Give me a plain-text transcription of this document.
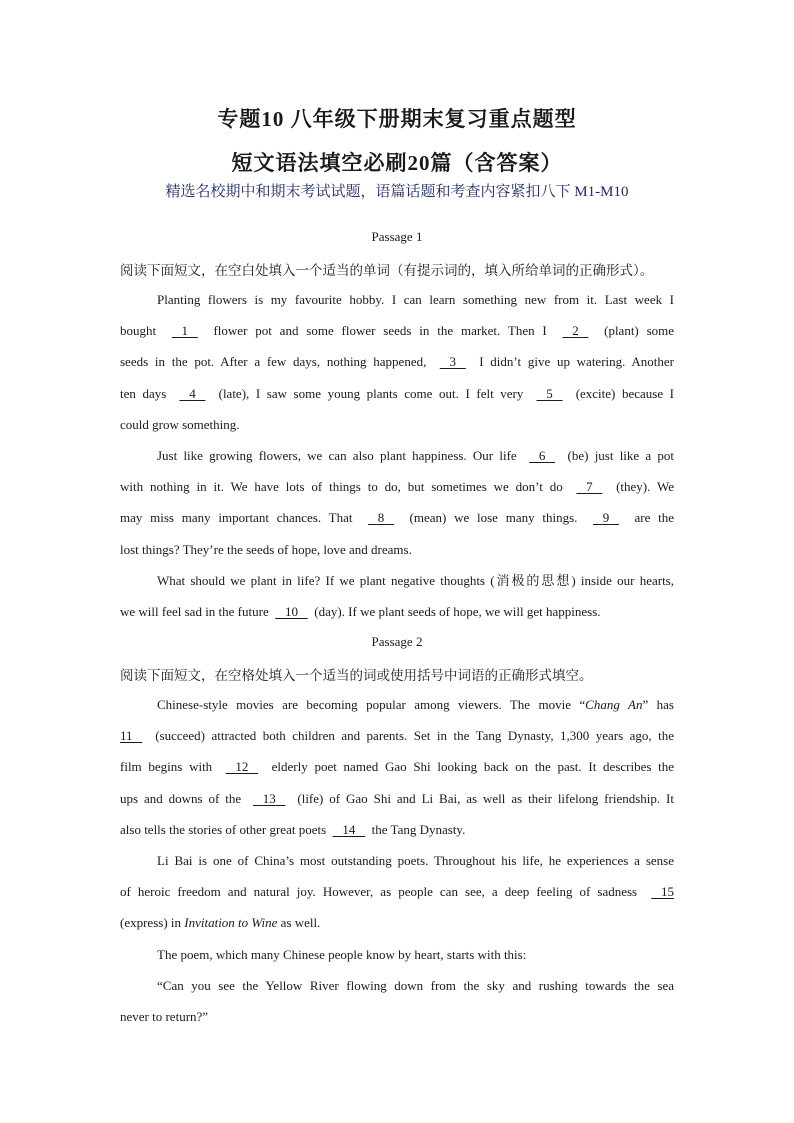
专题10 八年级下册期末复习重点题型
短文语法填空必刷20篇（含答案）
精选名校期中和期末考试试题，语篇话题和考查内容紧扣八下 M1-M10
Passage 1
阅读下面短文，在空白处填入一个适当的单词（有提示词的，填入所给单词的正确形式）。
Planting flowers is my favourite hobby. I can learn something new from it. Last week I
bought 1 flower pot and some flower seeds in the market. Then I 2 (plant) some
seeds in the pot. After a few days, nothing happened, 3 I didn’t give up watering. Another
ten days 4 (late), I saw some young plants come out. I felt very 5 (excite) because I
could grow something.
Just like growing flowers, we can also plant happiness. Our life 6 (be) just like a pot
with nothing in it. We have lots of things to do, but sometimes we don’t do 7 (they). We
may miss many important chances. That 8 (mean) we lose many things. 9 are the
lost things? They’re the seeds of hope, love and dreams.
What should we plant in life? If we plant negative thoughts (消极的思想) inside our hearts,
we will feel sad in the future 10 (day). If we plant seeds of hope, we will get happiness.
Passage 2
阅读下面短文，在空格处填入一个适当的词或使用括号中词语的正确形式填空。
Chinese-style movies are becoming popular among viewers. The movie “Chang An” has
11 (succeed) attracted both children and parents. Set in the Tang Dynasty, 1,300 years ago, the
film begins with 12 elderly poet named Gao Shi looking back on the past. It describes the
ups and downs of the 13 (life) of Gao Shi and Li Bai, as well as their lifelong friendship. It
also tells the stories of other great poets 14 the Tang Dynasty.
Li Bai is one of China’s most outstanding poets. Throughout his life, he experiences a sense
of heroic freedom and natural joy. However, as people can see, a deep feeling of sadness 15
(express) in Invitation to Wine as well.
The poem, which many Chinese people know by heart, starts with this:
“Can you see the Yellow River flowing down from the sky and rushing towards the sea
never to return?”
